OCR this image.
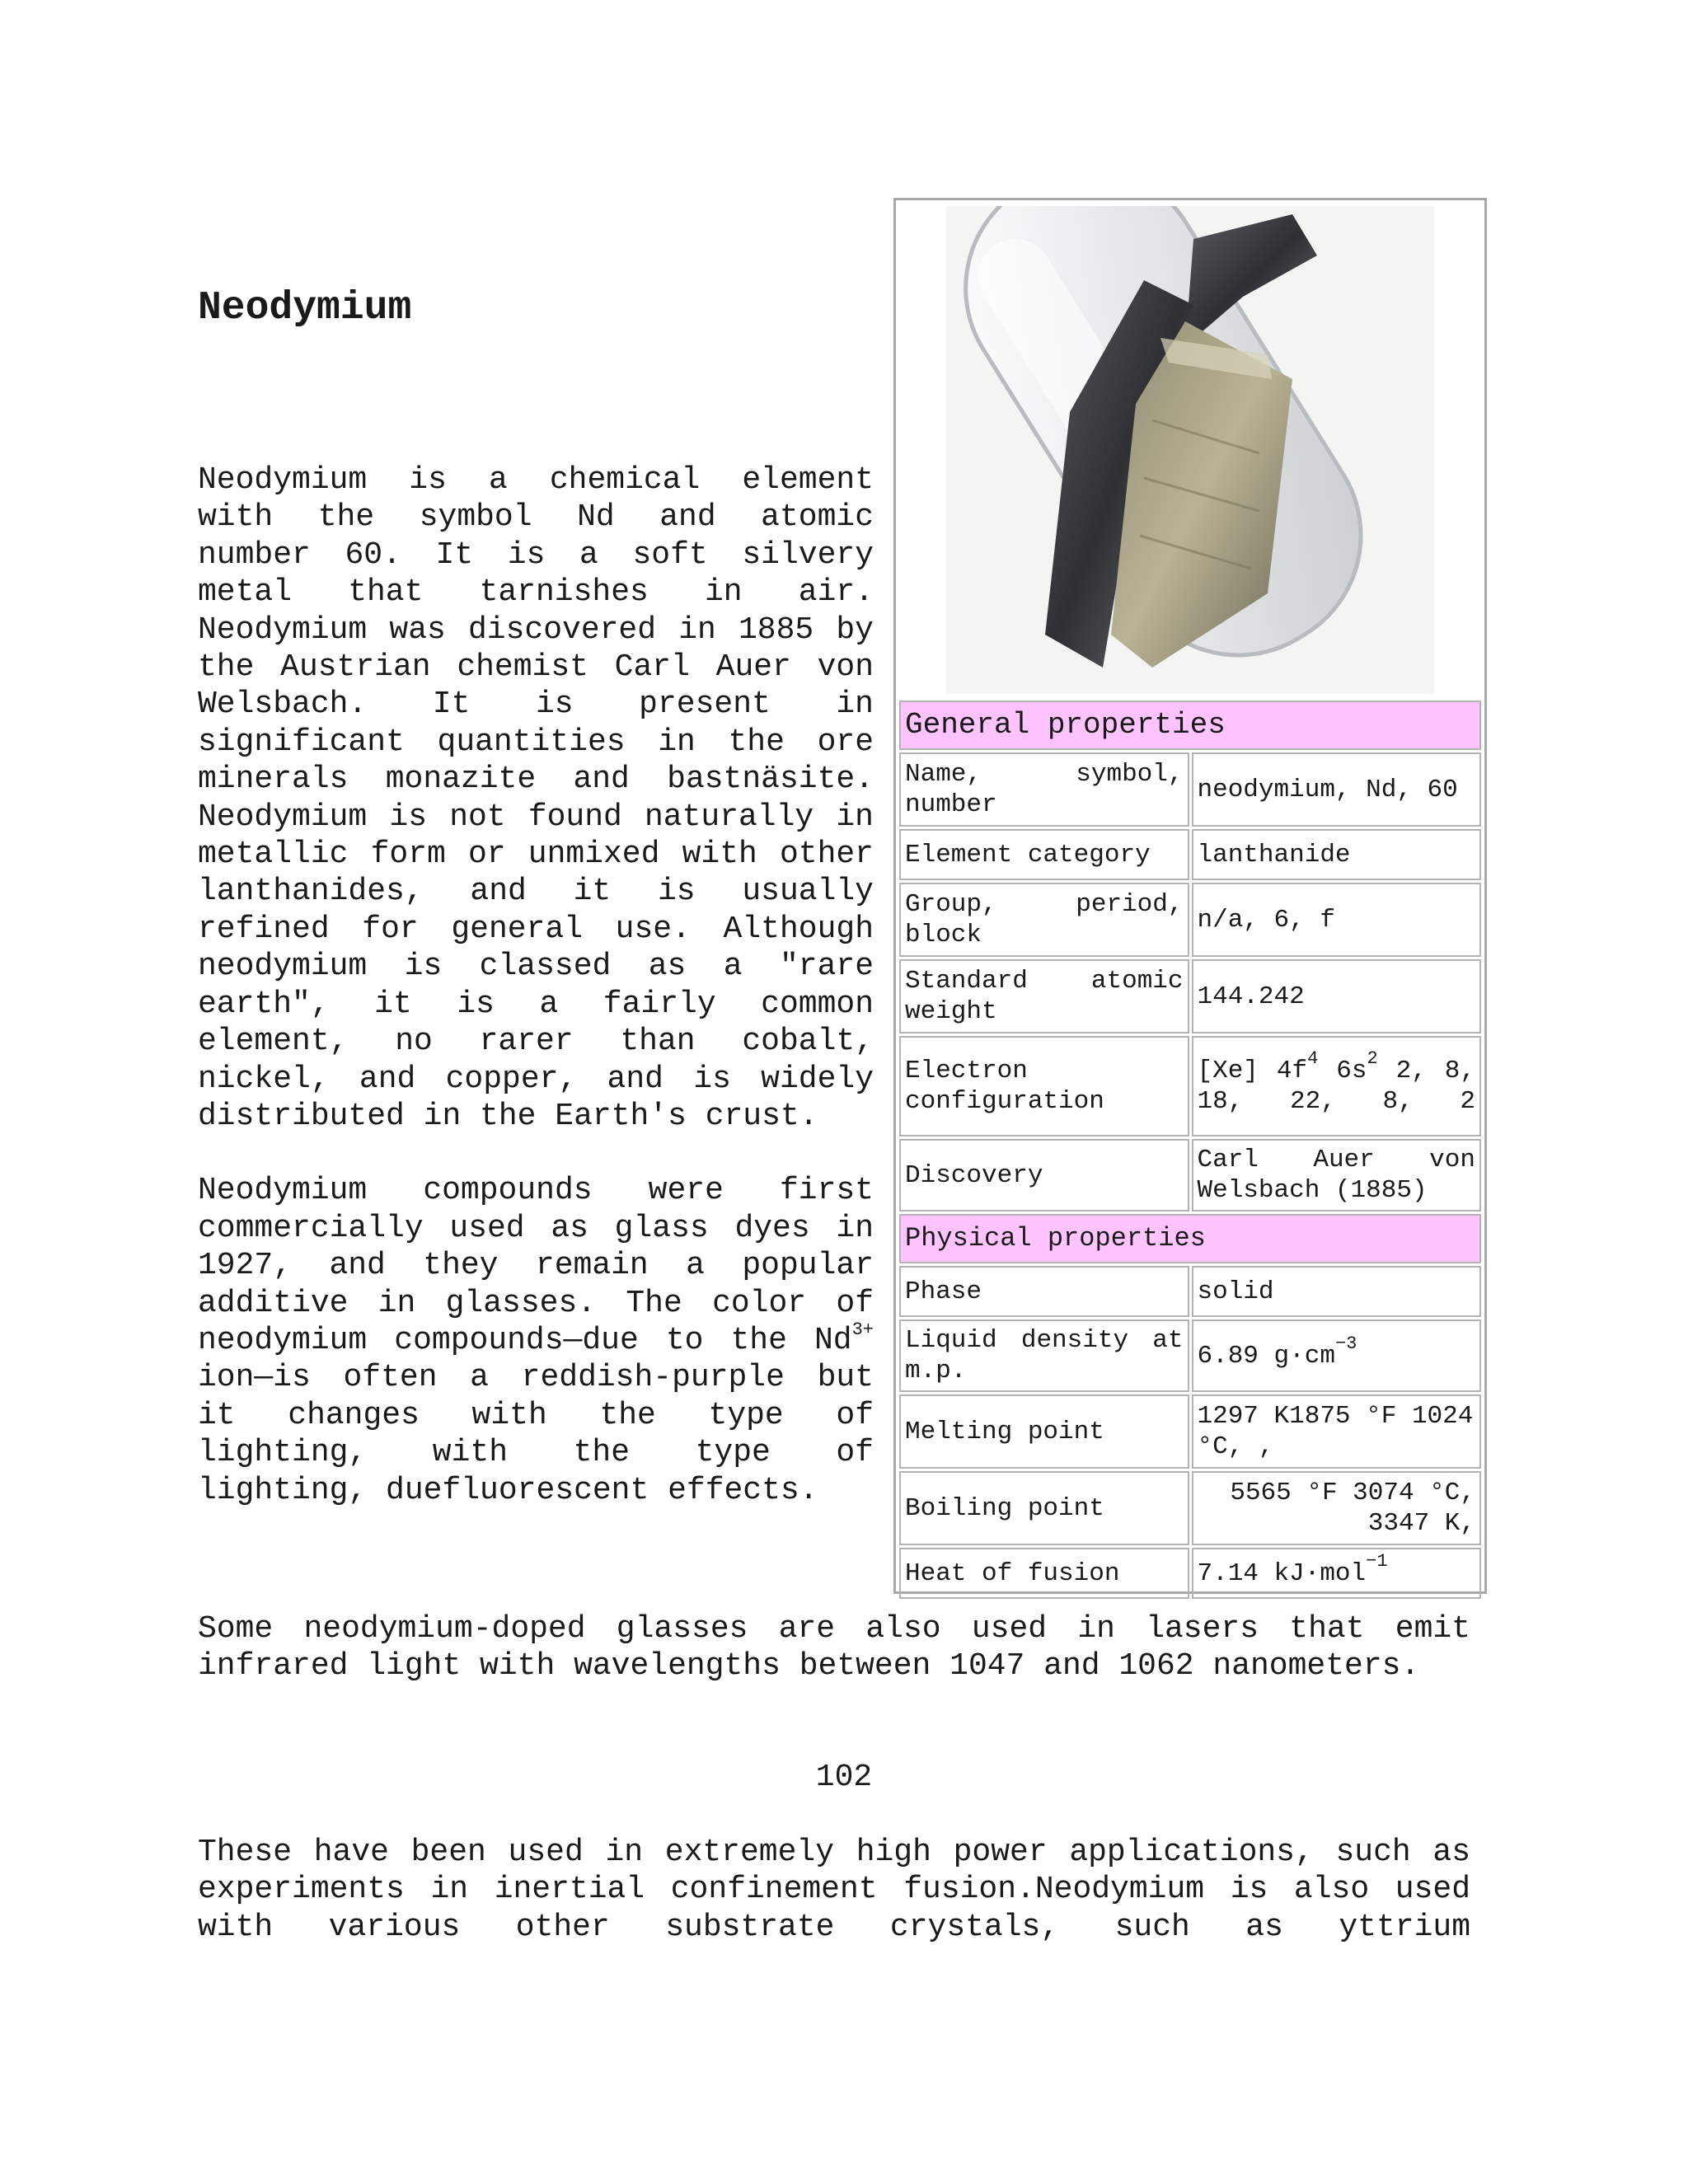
Neodymium

Neodymium is a chemical element with the symbol Nd and atomic number 60. It is a soft silvery metal that tarnishes in air. Neodymium was discovered in 1885 by the Austrian chemist Carl Auer von Welsbach. It is present in significant quantities in the ore minerals monazite and bastnäsite. Neodymium is not found naturally in metallic form or unmixed with other lanthanides, and it is usually refined for general use. Although neodymium is classed as a "rare earth", it is a fairly common element, no rarer than cobalt, nickel, and copper, and is widely distributed in the Earth's crust.

Neodymium compounds were first commercially used as glass dyes in 1927, and they remain a popular additive in glasses. The color of neodymium compounds—due to the $Nd^{3+}$ ion—is often a reddish-purple but it changes with the type of lighting, with the type of lighting, duefluorescent effects.

General properties	
Name, symbol, number	neodymium, Nd, 60
Element category	lanthanide
Group, period, block	n/a, 6, f
Standard atomic weight	144.242
Electron configuration	[Xe] $4f^4$ $6s^2$ 2, 8, 18, 22, 8, 2
Discovery	Carl Auer von Welsbach (1885)
Physical properties	
Phase	solid
Liquid density at m.p.	6.89 $g\cdot cm^{-3}$
Melting point	1297 K1875 °F 1024 °C, ,
Boiling point	5565 °F 3074 °C, 3347 K,
Heat of fusion	7.14 kJ·mol$^{-1}$

Some neodymium-doped glasses are also used in lasers that emit infrared light with wavelengths between 1047 and 1062 nanometers.

102

These have been used in extremely high power applications, such as experiments in inertial confinement fusion.Neodymium is also used with various other substrate crystals, such as yttrium
